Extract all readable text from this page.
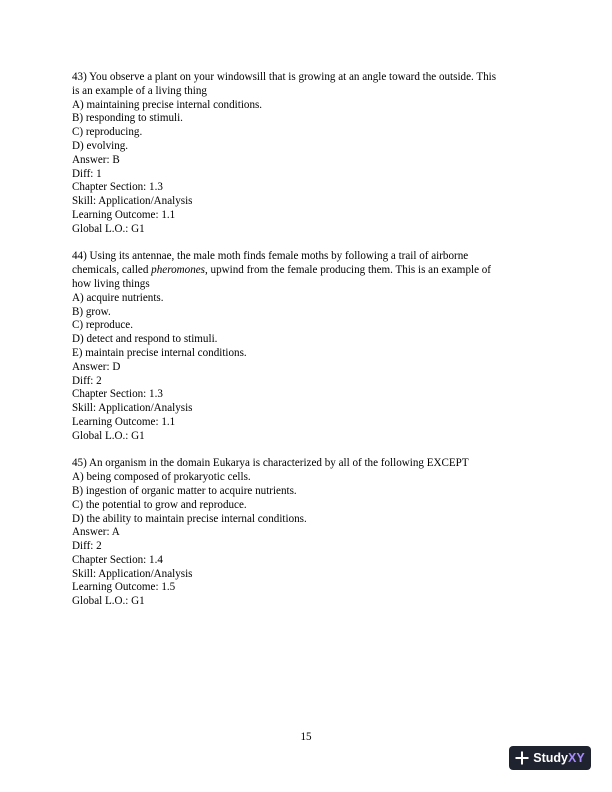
43) You observe a plant on your windowsill that is growing at an angle toward the outside. This
is an example of a living thing
A) maintaining precise internal conditions.
B) responding to stimuli.
C) reproducing.
D) evolving.
Answer: B
Diff: 1
Chapter Section: 1.3
Skill: Application/Analysis
Learning Outcome: 1.1
Global L.O.: G1
44) Using its antennae, the male moth finds female moths by following a trail of airborne
chemicals, called pheromones, upwind from the female producing them. This is an example of
how living things
A) acquire nutrients.
B) grow.
C) reproduce.
D) detect and respond to stimuli.
E) maintain precise internal conditions.
Answer: D
Diff: 2
Chapter Section: 1.3
Skill: Application/Analysis
Learning Outcome: 1.1
Global L.O.: G1
45) An organism in the domain Eukarya is characterized by all of the following EXCEPT
A) being composed of prokaryotic cells.
B) ingestion of organic matter to acquire nutrients.
C) the potential to grow and reproduce.
D) the ability to maintain precise internal conditions.
Answer: A
Diff: 2
Chapter Section: 1.4
Skill: Application/Analysis
Learning Outcome: 1.5
Global L.O.: G1
15
StudyXY
